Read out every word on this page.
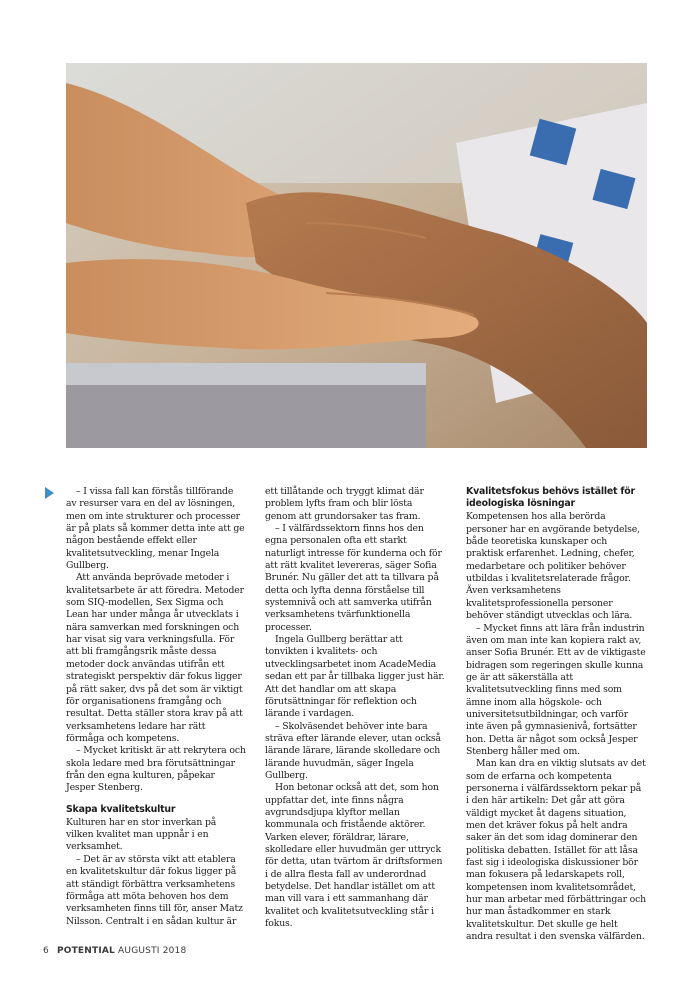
– I vissa fall kan förstås tillförande av resurser vara en del av lösningen, men om inte strukturer och processer är på plats så kommer detta inte att ge någon bestående effekt eller kvalitetsutveckling, menar Ingela Gullberg.

Att använda beprövade metoder i kvalitetsarbete är att föredra. Metoder som SIQ-modellen, Sex Sigma och Lean har under många år utvecklats i nära samverkan med forskningen och har visat sig vara verkningsfulla. För att bli framgångsrik måste dessa metoder dock användas utifrån ett strategiskt perspektiv där fokus ligger på rätt saker, dvs på det som är viktigt för organisationens framgång och resultat. Detta ställer stora krav på att verksamhetens ledare har rätt förmåga och kompetens.

– Mycket kritiskt är att rekrytera och skola ledare med bra förutsättningar från den egna kulturen, påpekar Jesper Stenberg.

Skapa kvalitetskultur

Kulturen har en stor inverkan på vilken kvalitet man uppnår i en verksamhet.

– Det är av största vikt att etablera en kvalitetskultur där fokus ligger på att ständigt förbättra verksamhetens förmåga att möta behoven hos dem verksamheten finns till för, anser Matz Nilsson. Centralt i en sådan kultur är

ett tillåtande och tryggt klimat där problem lyfts fram och blir lösta genom att grundorsaker tas fram.

– I välfärdssektorn finns hos den egna personalen ofta ett starkt naturligt intresse för kunderna och för att rätt kvalitet levereras, säger Sofia Brunér. Nu gäller det att ta tillvara på detta och lyfta denna förståelse till systemnivå och att samverka utifrån verksamhetens tvärfunktionella processer.

Ingela Gullberg berättar att tonvikten i kvalitets- och utvecklingsarbetet inom AcadeMedia sedan ett par år tillbaka ligger just här. Att det handlar om att skapa förutsättningar för reflektion och lärande i vardagen.

– Skolväsendet behöver inte bara sträva efter lärande elever, utan också lärande lärare, lärande skolledare och lärande huvudmän, säger Ingela Gullberg.

Hon betonar också att det, som hon uppfattar det, inte finns några avgrundsdjupa klyftor mellan kommunala och fristående aktörer. Varken elever, föräldrar, lärare, skolledare eller huvudmän ger uttryck för detta, utan tvärtom är driftsformen i de allra flesta fall av underordnad betydelse. Det handlar istället om att man vill vara i ett sammanhang där kvalitet och kvalitetsutveckling står i fokus.

Kvalitetsfokus behövs istället för ideologiska lösningar

Kompetensen hos alla berörda personer har en avgörande betydelse, både teoretiska kunskaper och praktisk erfarenhet. Ledning, chefer, medarbetare och politiker behöver utbildas i kvalitetsrelaterade frågor. Även verksamhetens kvalitetsprofessionella personer behöver ständigt utvecklas och lära.

– Mycket finns att lära från industrin även om man inte kan kopiera rakt av, anser Sofia Brunér. Ett av de viktigaste bidragen som regeringen skulle kunna ge är att säkerställa att kvalitetsutveckling finns med som ämne inom alla högskole- och universitetsutbildningar, och varför inte även på gymnasienivå, fortsätter hon. Detta är något som också Jesper Stenberg håller med om.

Man kan dra en viktig slutsats av det som de erfarna och kompetenta personerna i välfärdssektorn pekar på i den här artikeln: Det går att göra väldigt mycket åt dagens situation, men det kräver fokus på helt andra saker än det som idag dominerar den politiska debatten. Istället för att låsa fast sig i ideologiska diskussioner bör man fokusera på ledarskapets roll, kompetensen inom kvalitetsområdet, hur man arbetar med förbättringar och hur man åstadkommer en stark kvalitetskultur. Det skulle ge helt andra resultat i den svenska välfärden.

6 POTENTIAL AUGUSTI 2018
